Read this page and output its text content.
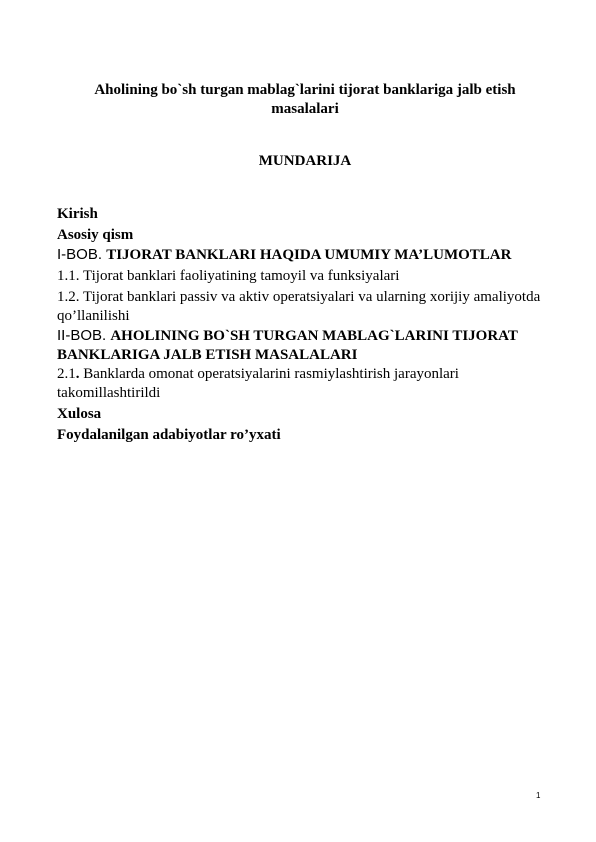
Aholining bo`sh turgan mablag`larini tijorat banklariga jalb etish masalalari
MUNDARIJA

Kirish

Asosiy qism

I-BOB. TIJORAT BANKLARI HAQIDA UMUMIY MA’LUMOTLAR

1.1. Tijorat banklari faoliyatining tamoyil va funksiyalari

1.2. Tijorat banklari passiv va aktiv operatsiyalari va ularning xorijiy amaliyotda qo’llanilishi

II-BOB. AHOLINING BO`SH TURGAN MABLAG`LARINI TIJORAT BANKLARIGA JALB ETISH MASALALARI

2.1. Banklarda omonat operatsiyalarini rasmiylashtirish jarayonlari takomillashtirildi

Xulosa

Foydalanilgan adabiyotlar ro’yxati

1
